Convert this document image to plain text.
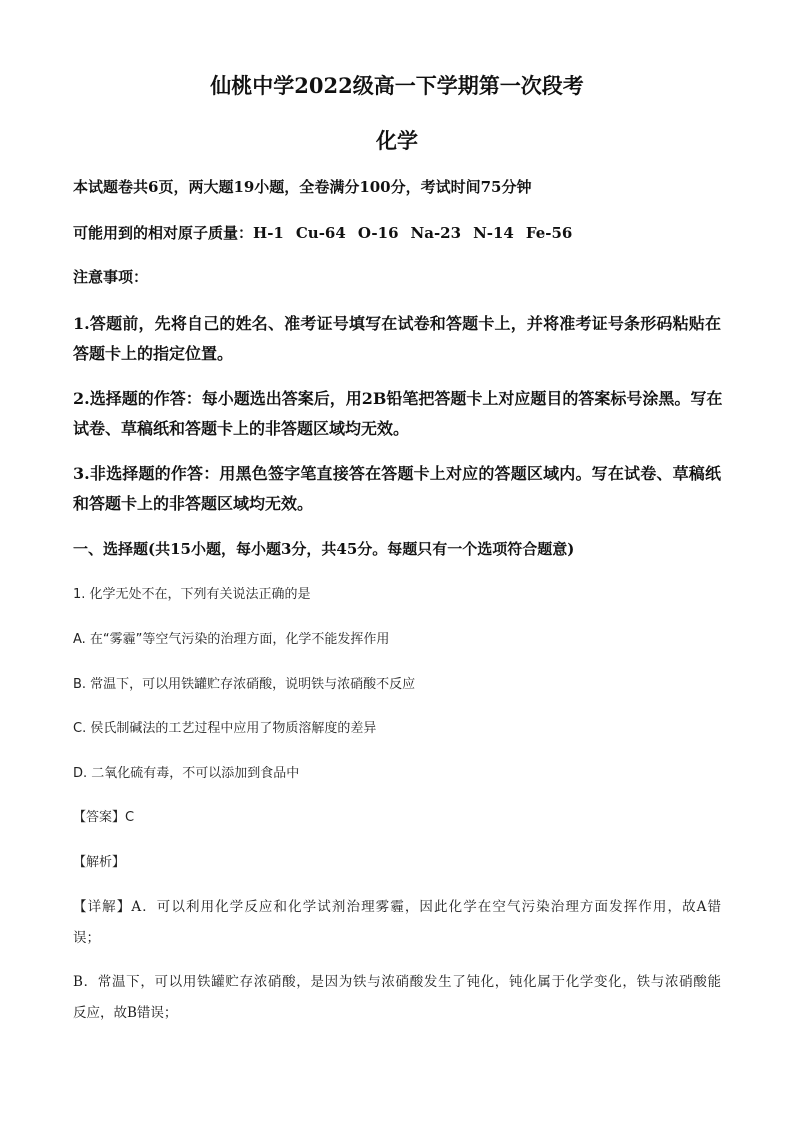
仙桃中学2022级高一下学期第一次段考
化学
本试题卷共6页，两大题19小题，全卷满分100分，考试时间75分钟
可能用到的相对原子质量：H-1 Cu-64 O-16 Na-23 N-14 Fe-56
注意事项：
1.答题前，先将自己的姓名、准考证号填写在试卷和答题卡上，并将准考证号条形码粘贴在
答题卡上的指定位置。
2.选择题的作答：每小题选出答案后，用2B铅笔把答题卡上对应题目的答案标号涂黑。写在
试卷、草稿纸和答题卡上的非答题区域均无效。
3.非选择题的作答：用黑色签字笔直接答在答题卡上对应的答题区域内。写在试卷、草稿纸
和答题卡上的非答题区域均无效。
一、选择题(共15小题，每小题3分，共45分。每题只有一个选项符合题意)
1. 化学无处不在，下列有关说法正确的是
A. 在“雾霾”等空气污染的治理方面，化学不能发挥作用
B. 常温下，可以用铁罐贮存浓硝酸，说明铁与浓硝酸不反应
C. 侯氏制碱法的工艺过程中应用了物质溶解度的差异
D. 二氧化硫有毒，不可以添加到食品中
【答案】C
【解析】
【详解】A．可以利用化学反应和化学试剂治理雾霾，因此化学在空气污染治理方面发挥作用，故A错
误；
B．常温下，可以用铁罐贮存浓硝酸，是因为铁与浓硝酸发生了钝化，钝化属于化学变化，铁与浓硝酸能
反应，故B错误；
